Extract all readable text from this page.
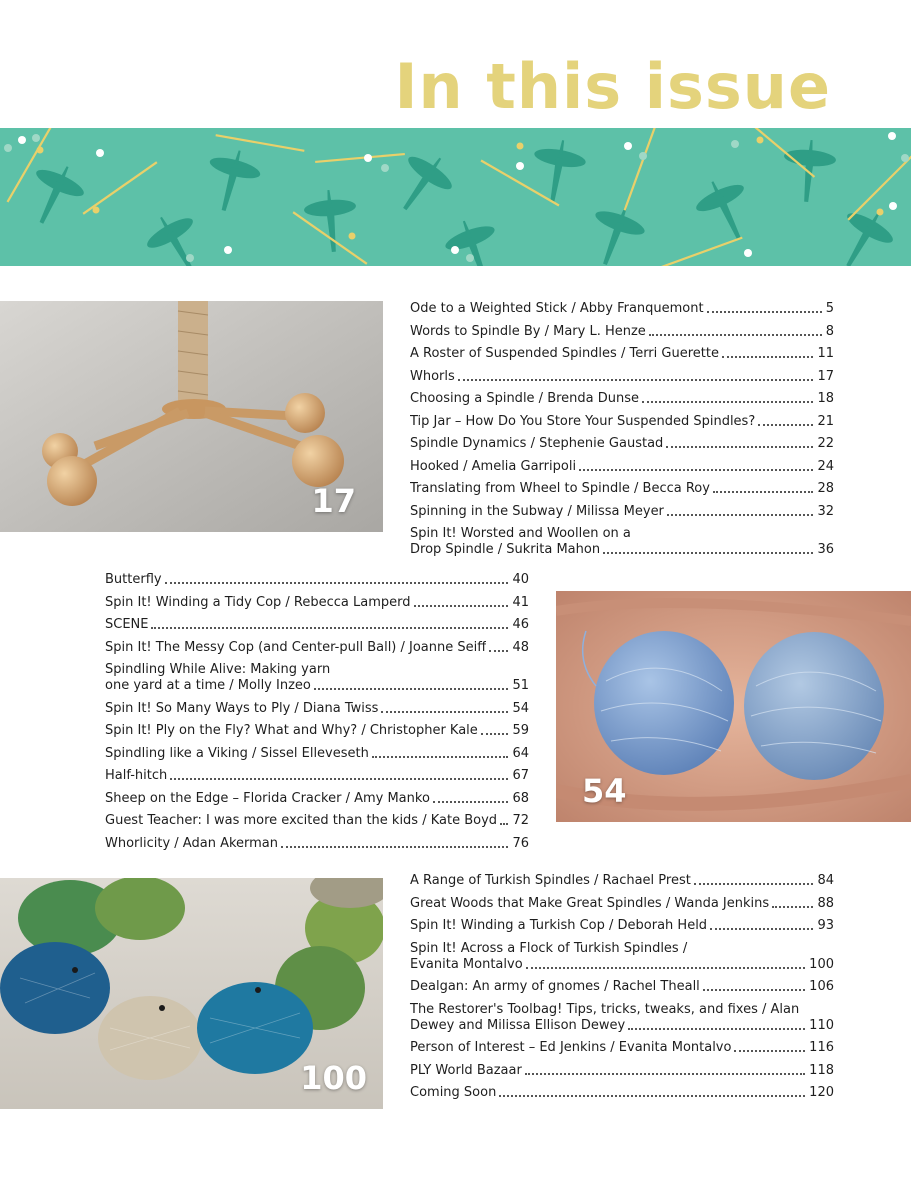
In this issue
17
54
100
Ode to a Weighted Stick / Abby Franquemont	5
Words to Spindle By / Mary L. Henze	8
A Roster of Suspended Spindles / Terri Guerette	11
Whorls	17
Choosing a Spindle / Brenda Dunse	18
Tip Jar – How Do You Store Your Suspended Spindles?	21
Spindle Dynamics / Stephenie Gaustad	22
Hooked / Amelia Garripoli	24
Translating from Wheel to Spindle / Becca Roy	28
Spinning in the Subway / Milissa Meyer	32
Spin It! Worsted and Woollen on a
Drop Spindle / Sukrita Mahon	36
Butterfly	40
Spin It! Winding a Tidy Cop / Rebecca Lamperd	41
SCENE	46
Spin It! The Messy Cop (and Center-pull Ball) / Joanne Seiff 48
Spindling While Alive: Making yarn
one yard at a time / Molly Inzeo	51
Spin It! So Many Ways to Ply / Diana Twiss	54
Spin It! Ply on the Fly? What and Why? / Christopher Kale	59
Spindling like a Viking / Sissel Elleveseth	64
Half-hitch	67
Sheep on the Edge – Florida Cracker / Amy Manko	68
Guest Teacher: I was more excited than the kids / Kate Boyd 72
Whorlicity / Adan Akerman	76
A Range of Turkish Spindles / Rachael Prest	84
Great Woods that Make Great Spindles / Wanda Jenkins	88
Spin It! Winding a Turkish Cop / Deborah Held	93
Spin It! Across a Flock of Turkish Spindles /
Evanita Montalvo	100
Dealgan: An army of gnomes / Rachel Theall	106
The Restorer's Toolbag! Tips, tricks, tweaks, and fixes / Alan
Dewey and Milissa Ellison Dewey	110
Person of Interest – Ed Jenkins / Evanita Montalvo	116
PLY World Bazaar	118
Coming Soon	120
